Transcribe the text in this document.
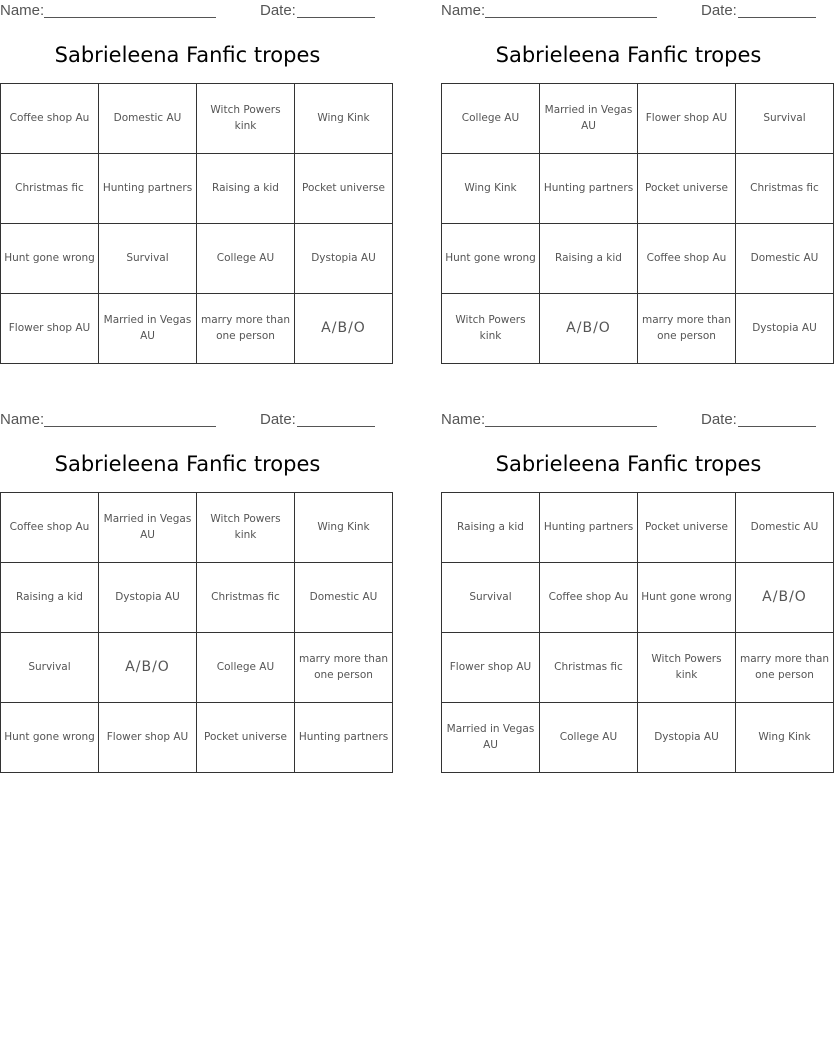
Name:	Date:
Sabrieleena Fanfic tropes
Coffee shop Au	Domestic AU	Witch Powers kink	Wing Kink
Christmas fic	Hunting partners	Raising a kid	Pocket universe
Hunt gone wrong	Survival	College AU	Dystopia AU
Flower shop AU	Married in Vegas AU	marry more than one person	A/B/O
Name:	Date:
Sabrieleena Fanfic tropes
College AU	Married in Vegas AU	Flower shop AU	Survival
Wing Kink	Hunting partners	Pocket universe	Christmas fic
Hunt gone wrong	Raising a kid	Coffee shop Au	Domestic AU
Witch Powers kink	A/B/O	marry more than one person	Dystopia AU
Name:	Date:
Sabrieleena Fanfic tropes
Coffee shop Au	Married in Vegas AU	Witch Powers kink	Wing Kink
Raising a kid	Dystopia AU	Christmas fic	Domestic AU
Survival	A/B/O	College AU	marry more than one person
Hunt gone wrong	Flower shop AU	Pocket universe	Hunting partners
Name:	Date:
Sabrieleena Fanfic tropes
Raising a kid	Hunting partners	Pocket universe	Domestic AU
Survival	Coffee shop Au	Hunt gone wrong	A/B/O
Flower shop AU	Christmas fic	Witch Powers kink	marry more than one person
Married in Vegas AU	College AU	Dystopia AU	Wing Kink
